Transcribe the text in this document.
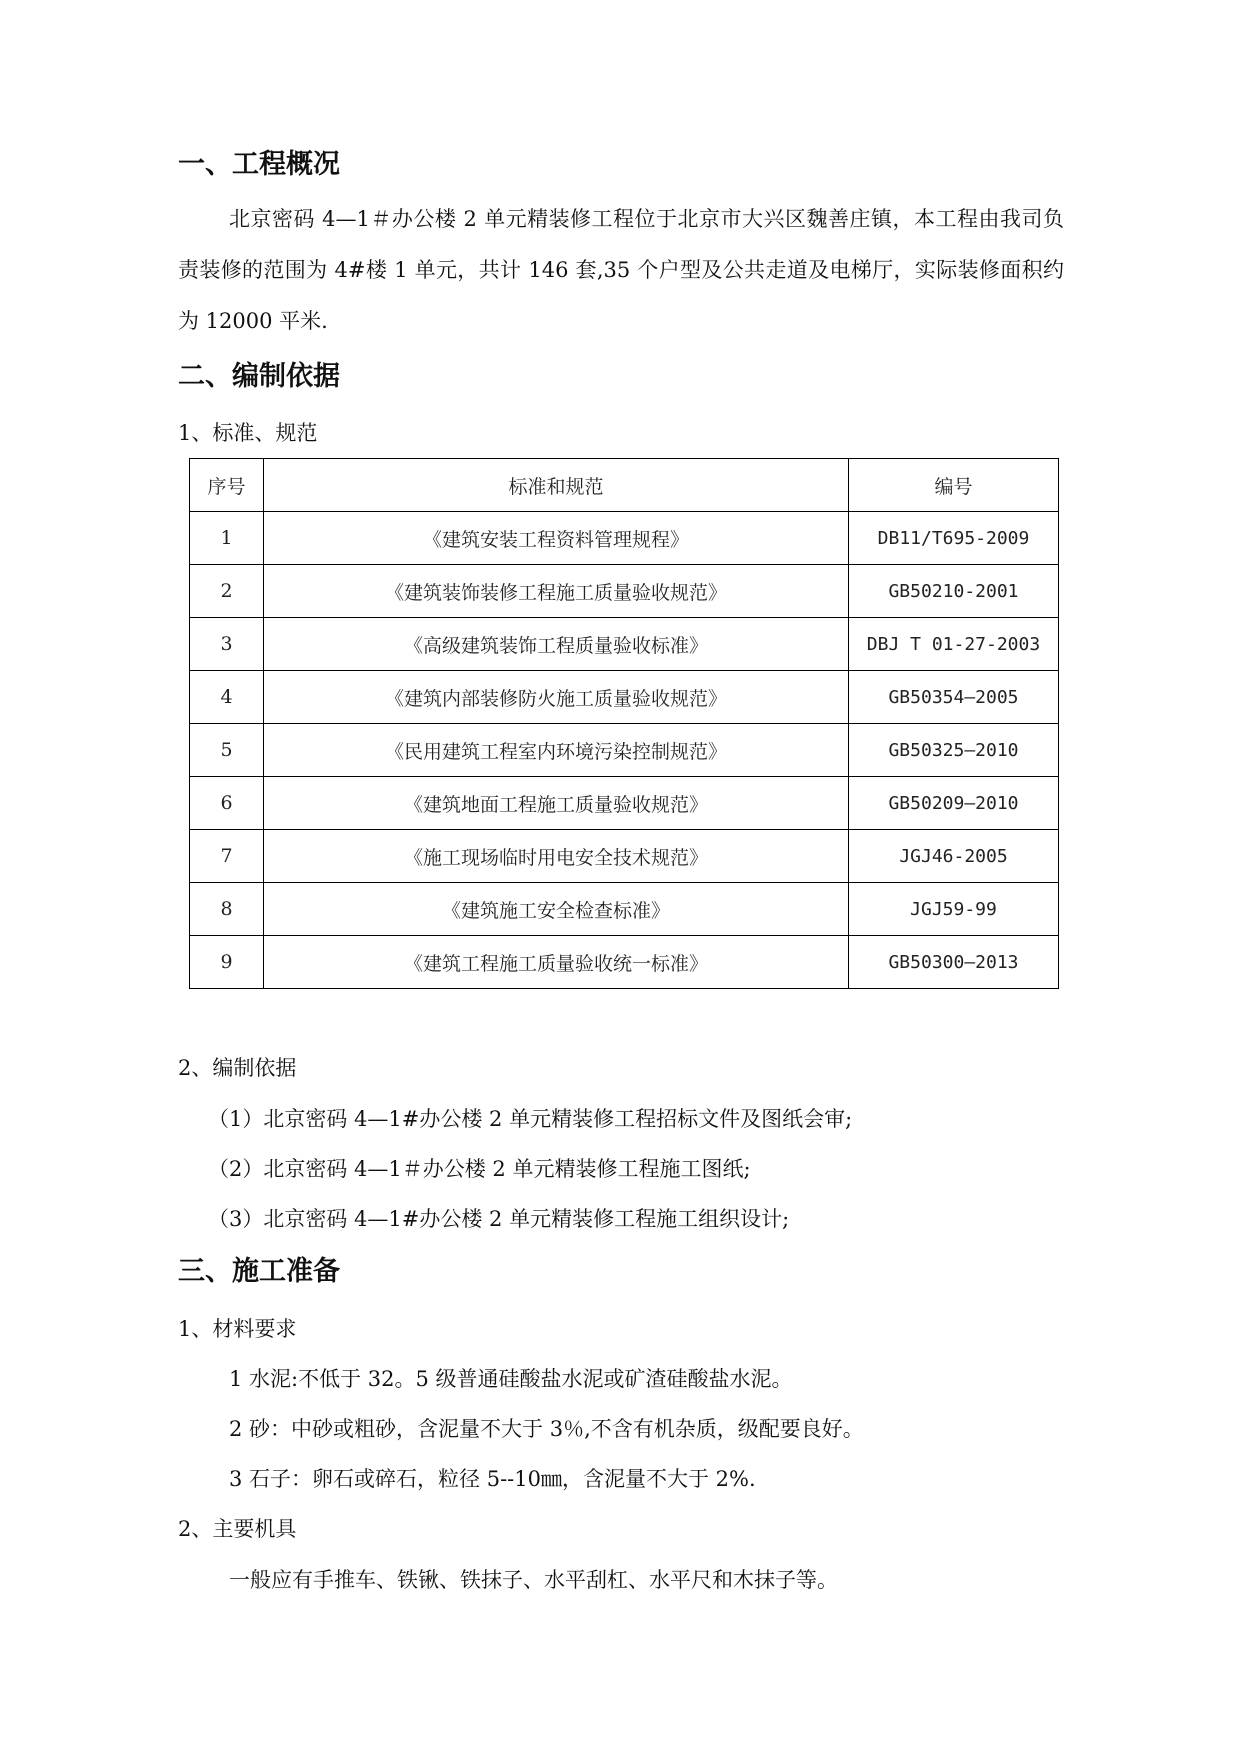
一、工程概况

北京密码 4—1＃办公楼 2 单元精装修工程位于北京市大兴区魏善庄镇，本工程由我司负责装修的范围为 4#楼 1 单元，共计 146 套,35 个户型及公共走道及电梯厅，实际装修面积约为 12000 平米.

二、编制依据

1、标准、规范

序号	标准和规范	编号
1	《建筑安装工程资料管理规程》	DB11/T695-2009
2	《建筑装饰装修工程施工质量验收规范》	GB50210-2001
3	《高级建筑装饰工程质量验收标准》	DBJ T 01-27-2003
4	《建筑内部装修防火施工质量验收规范》	GB50354—2005
5	《民用建筑工程室内环境污染控制规范》	GB50325—2010
6	《建筑地面工程施工质量验收规范》	GB50209—2010
7	《施工现场临时用电安全技术规范》	JGJ46-2005
8	《建筑施工安全检查标准》	JGJ59-99
9	《建筑工程施工质量验收统一标准》	GB50300—2013

2、编制依据

（1）北京密码 4—1#办公楼 2 单元精装修工程招标文件及图纸会审;

（2）北京密码 4—1＃办公楼 2 单元精装修工程施工图纸;

（3）北京密码 4—1#办公楼 2 单元精装修工程施工组织设计;

三、施工准备

1、材料要求

1 水泥:不低于 32。5 级普通硅酸盐水泥或矿渣硅酸盐水泥。

2 砂：中砂或粗砂，含泥量不大于 3％,不含有机杂质，级配要良好。

3 石子：卵石或碎石，粒径 5--10㎜，含泥量不大于 2%.

2、主要机具

一般应有手推车、铁锹、铁抹子、水平刮杠、水平尺和木抹子等。
